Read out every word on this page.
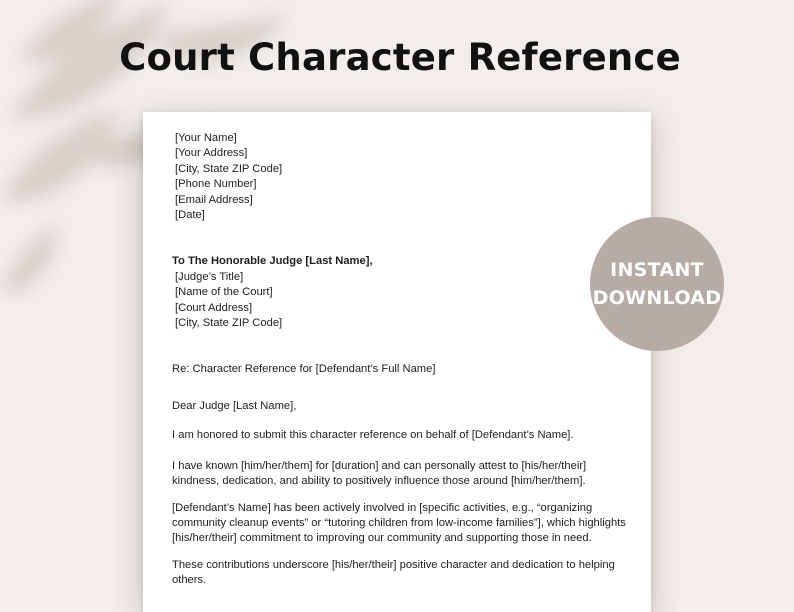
Court Character Reference
[Your Name]
[Your Address]
[City, State ZIP Code]
[Phone Number]
[Email Address]
[Date]
To The Honorable Judge [Last Name],
[Judge’s Title]
[Name of the Court]
[Court Address]
[City, State ZIP Code]
Re: Character Reference for [Defendant’s Full Name]
Dear Judge [Last Name],
I am honored to submit this character reference on behalf of [Defendant’s Name].
I have known [him/her/them] for [duration] and can personally attest to [his/her/their] kindness, dedication, and ability to positively influence those around [him/her/them].
[Defendant’s Name] has been actively involved in [specific activities, e.g., “organizing community cleanup events” or “tutoring children from low-income families”], which highlights [his/her/their] commitment to improving our community and supporting those in need.
These contributions underscore [his/her/their] positive character and dedication to helping others.
INSTANT
DOWNLOAD
